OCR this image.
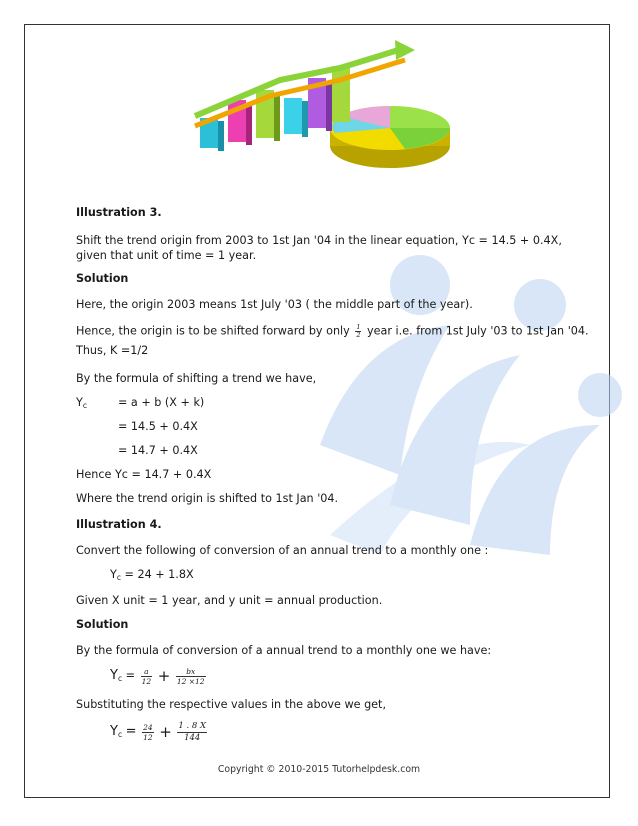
Illustration 3.
Shift the trend origin from 2003 to 1st Jan '04 in the linear equation, Yc = 14.5 + 0.4X,
given that unit of time = 1 year.
Solution
Here, the origin 2003 means 1st July '03 ( the middle part of the year).
Hence, the origin is to be shifted forward by only $\frac{1}{2}$ year i.e. from 1st July '03 to 1st Jan '04.
Thus, K =1/2
By the formula of shifting a trend we have,
$Y_c$	= a + b (X + k)
= 14.5 + 0.4X
= 14.7 + 0.4X
Hence Yc = 14.7 + 0.4X
Where the trend origin is shifted to 1st Jan '04.
Illustration 4.
Convert the following of conversion of an annual trend to a monthly one :
$Y_c = 24 + 1.8X$
Given X unit = 1 year, and y unit = annual production.
Solution
By the formula of conversion of a annual trend to a monthly one we have:
$Y_c = \frac{a}{12} + \frac{bx}{12 \times 12}$
Substituting the respective values in the above we get,
$Y_c = \frac{24}{12} + \frac{1 . 8 X}{144}$
Copyright © 2010-2015 Tutorhelpdesk.com
